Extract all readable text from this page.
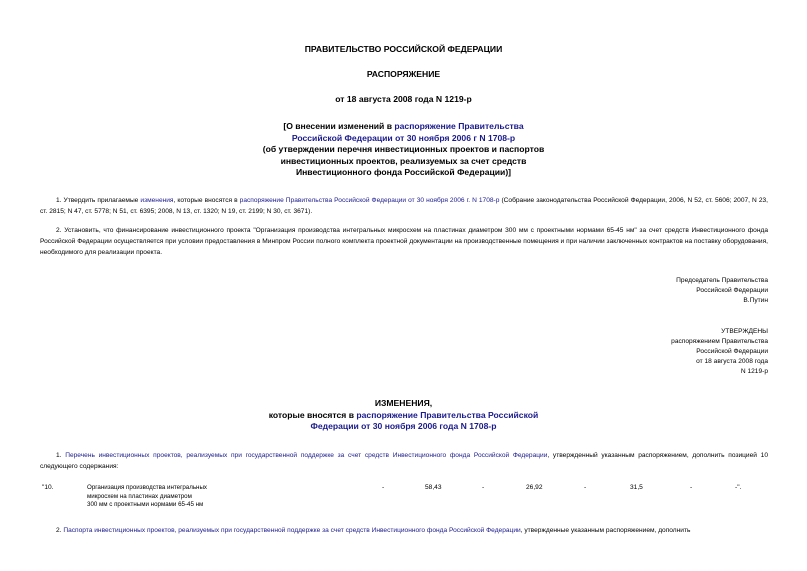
ПРАВИТЕЛЬСТВО РОССИЙСКОЙ ФЕДЕРАЦИИ
РАСПОРЯЖЕНИЕ
от 18 августа 2008 года N 1219-р
[О внесении изменений в распоряжение Правительства
Российской Федерации от 30 ноября 2006 г N 1708-р
(об утверждении перечня инвестиционных проектов и паспортов
инвестиционных проектов, реализуемых за счет средств
Инвестиционного фонда Российской Федерации)]
1. Утвердить прилагаемые изменения, которые вносятся в распоряжение Правительства Российской Федерации от 30 ноября 2006 г. N 1708-р (Собрание законодательства Российской Федерации, 2006, N 52, ст. 5606; 2007, N 23, ст. 2815; N 47, ст. 5778; N 51, ст. 6395; 2008, N 13, ст. 1320; N 19, ст. 2199; N 30, ст. 3671).
2. Установить, что финансирование инвестиционного проекта "Организация производства интегральных микросхем на пластинах диаметром 300 мм с проектными нормами 65-45 нм" за счет средств Инвестиционного фонда Российской Федерации осуществляется при условии предоставления в Минпром России полного комплекта проектной документации на производственные помещения и при наличии заключенных контрактов на поставку оборудования, необходимого для реализации проекта.
Председатель Правительства
Российской Федерации
В.Путин
УТВЕРЖДЕНЫ
распоряжением Правительства
Российской Федерации
от 18 августа 2008 года
N 1219-р
ИЗМЕНЕНИЯ,
которые вносятся в распоряжение Правительства Российской
Федерации от 30 ноября 2006 года N 1708-р
1. Перечень инвестиционных проектов, реализуемых при государственной поддержке за счет средств Инвестиционного фонда Российской Федерации, утвержденный указанным распоряжением, дополнить позицией 10 следующего содержания:
"10.	Организация производства интегральных
микросхем на пластинах диаметром
300 мм с проектными нормами 65-45 нм
-	58,43	-	26,92	-	31,5	-	-".
2. Паспорта инвестиционных проектов, реализуемых при государственной поддержке за счет средств Инвестиционного фонда Российской Федерации, утвержденные указанным распоряжением, дополнить
